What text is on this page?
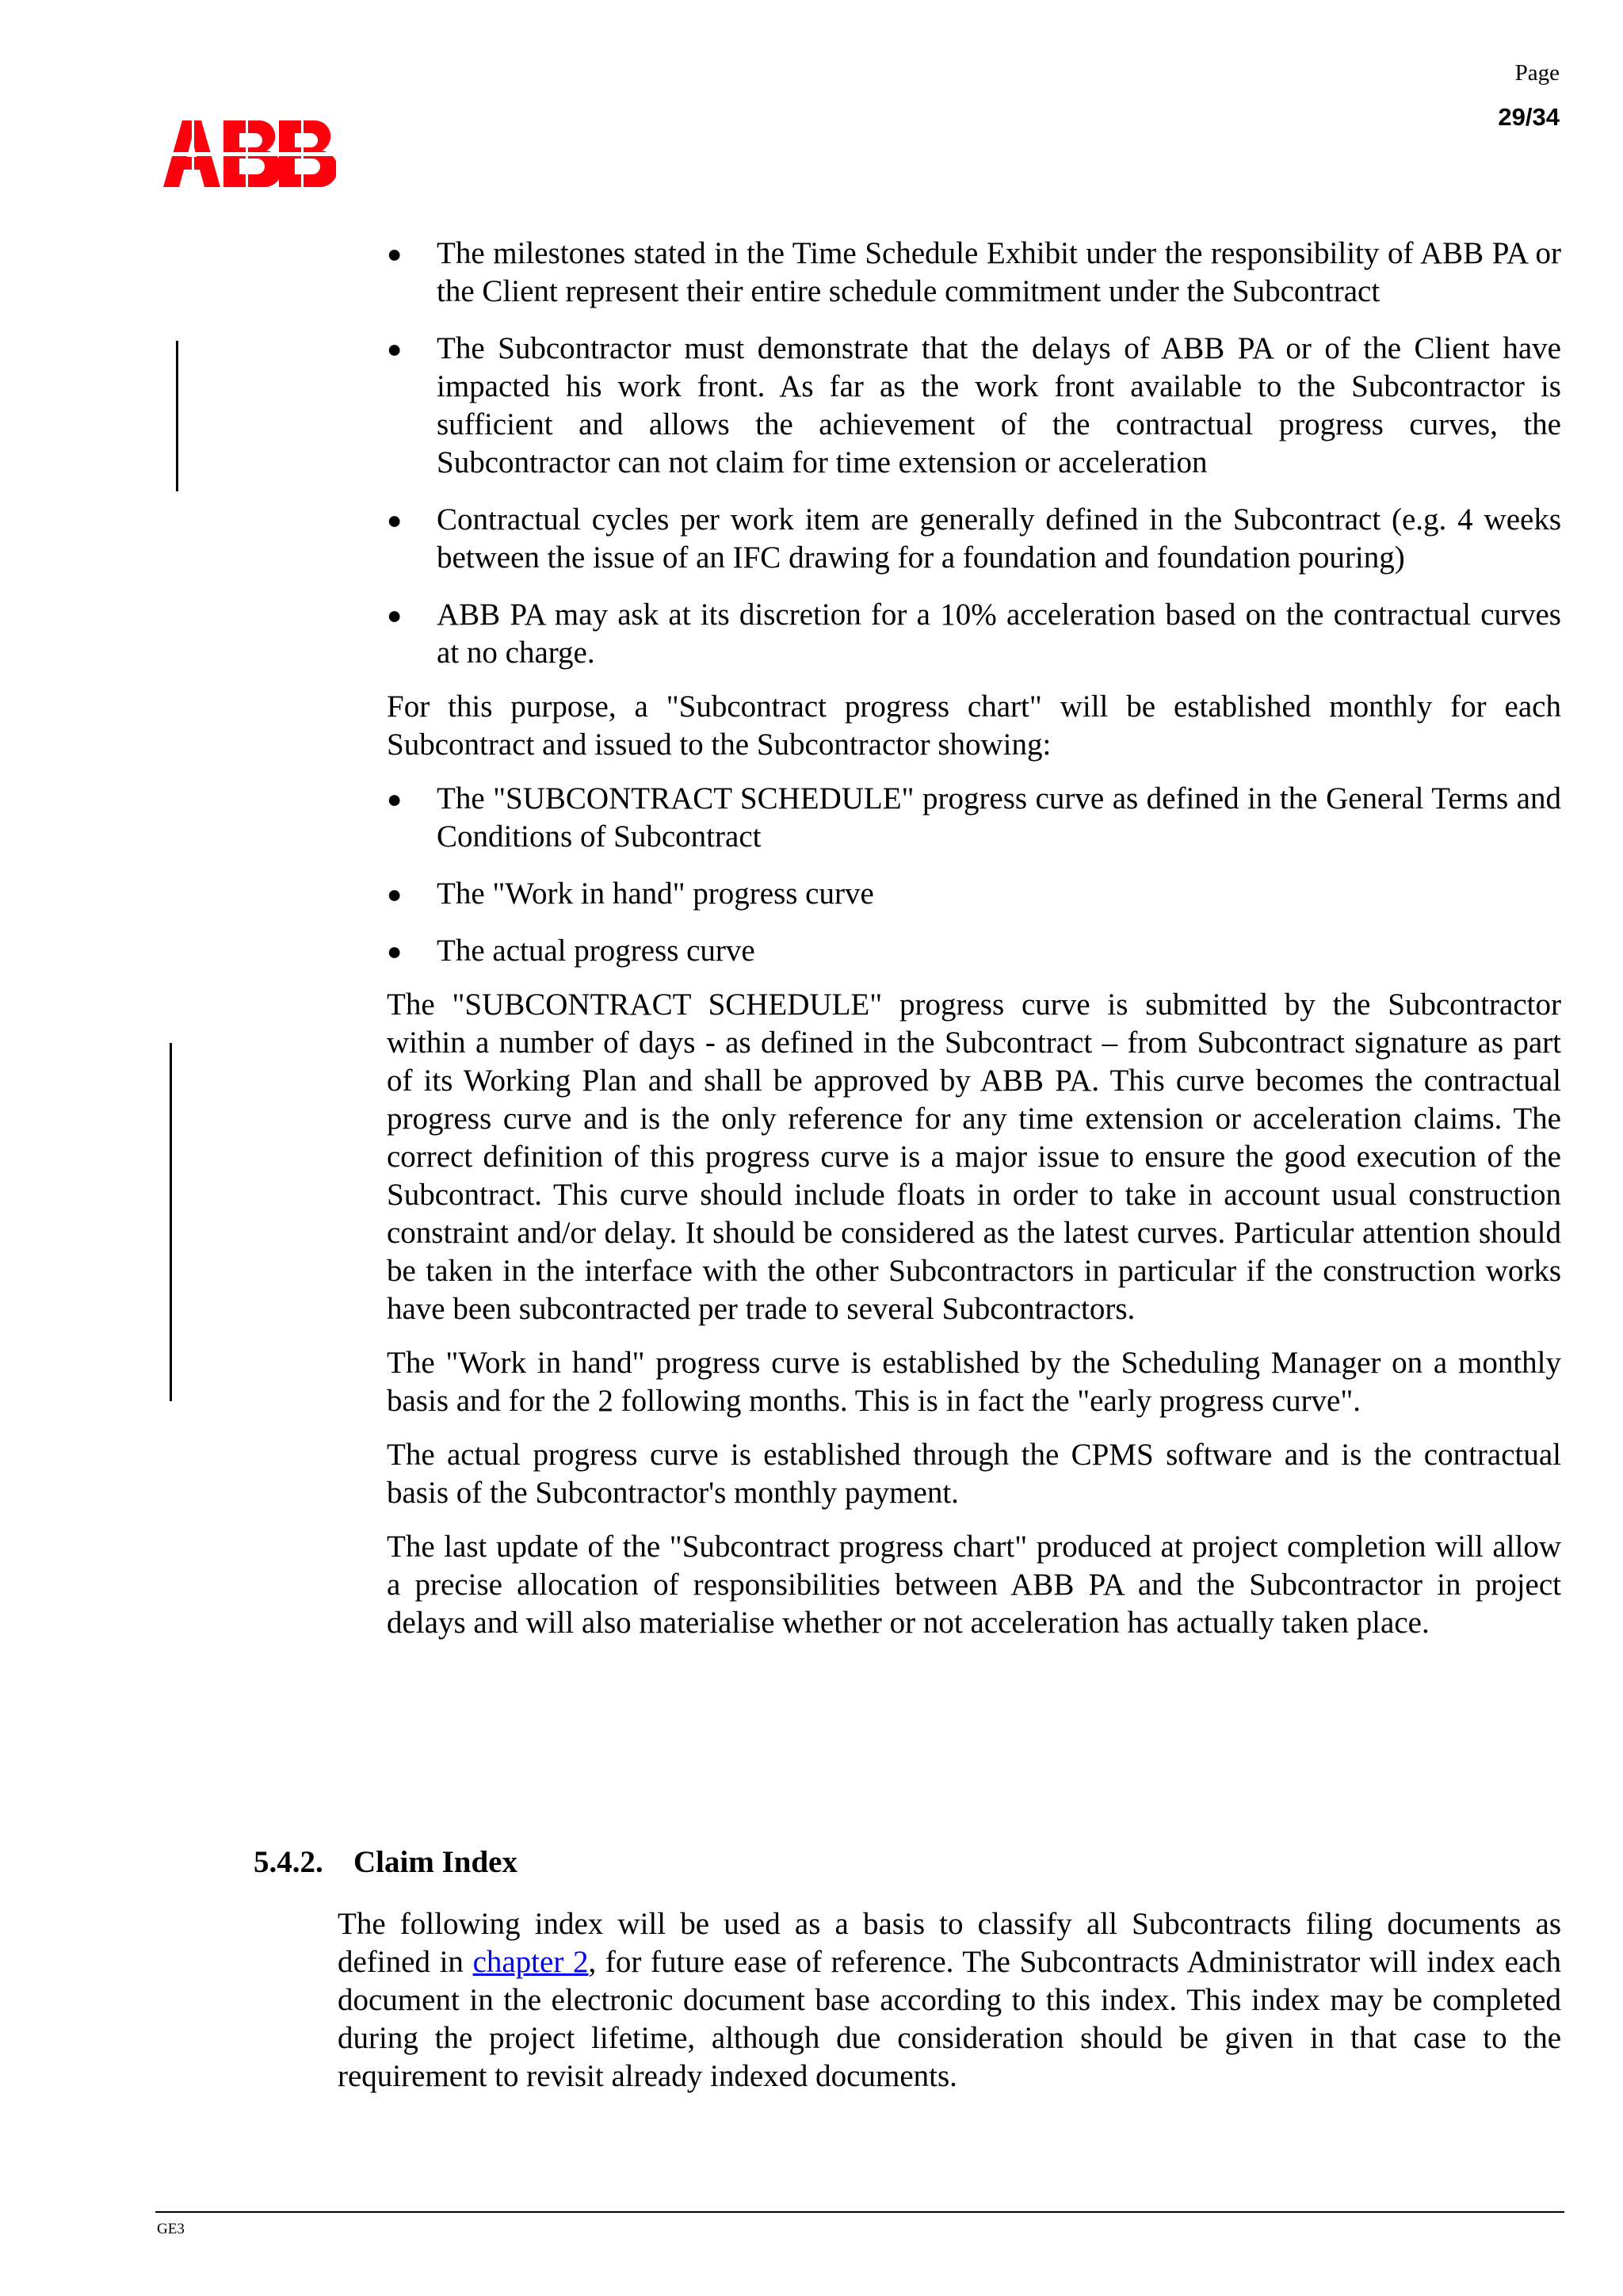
Page
29/34
● The milestones stated in the Time Schedule Exhibit under the responsibility of ABB PA or the Client represent their entire schedule commitment under the Subcontract
● The Subcontractor must demonstrate that the delays of ABB PA or of the Client have impacted his work front. As far as the work front available to the Subcontractor is sufficient and allows the achievement of the contractual progress curves, the Subcontractor can not claim for time extension or acceleration
● Contractual cycles per work item are generally defined in the Subcontract (e.g. 4 weeks between the issue of an IFC drawing for a foundation and foundation pouring)
● ABB PA may ask at its discretion for a 10% acceleration based on the contractual curves at no charge.

For this purpose, a "Subcontract progress chart" will be established monthly for each Subcontract and issued to the Subcontractor showing:

● The "SUBCONTRACT SCHEDULE" progress curve as defined in the General Terms and Conditions of Subcontract
● The "Work in hand" progress curve
● The actual progress curve

The "SUBCONTRACT SCHEDULE" progress curve is submitted by the Subcontractor within a number of days - as defined in the Subcontract – from Subcontract signature as part of its Working Plan and shall be approved by ABB PA. This curve becomes the contractual progress curve and is the only reference for any time extension or acceleration claims. The correct definition of this progress curve is a major issue to ensure the good execution of the Subcontract. This curve should include floats in order to take in account usual construction constraint and/or delay. It should be considered as the latest curves. Particular attention should be taken in the interface with the other Subcontractors in particular if the construction works have been subcontracted per trade to several Subcontractors.

The "Work in hand" progress curve is established by the Scheduling Manager on a monthly basis and for the 2 following months. This is in fact the "early progress curve".

The actual progress curve is established through the CPMS software and is the contractual basis of the Subcontractor's monthly payment.

The last update of the "Subcontract progress chart" produced at project completion will allow a precise allocation of responsibilities between ABB PA and the Subcontractor in project delays and will also materialise whether or not acceleration has actually taken place.

5.4.2. Claim Index

The following index will be used as a basis to classify all Subcontracts filing documents as defined in chapter 2, for future ease of reference. The Subcontracts Administrator will index each document in the electronic document base according to this index. This index may be completed during the project lifetime, although due consideration should be given in that case to the requirement to revisit already indexed documents.

GE3
